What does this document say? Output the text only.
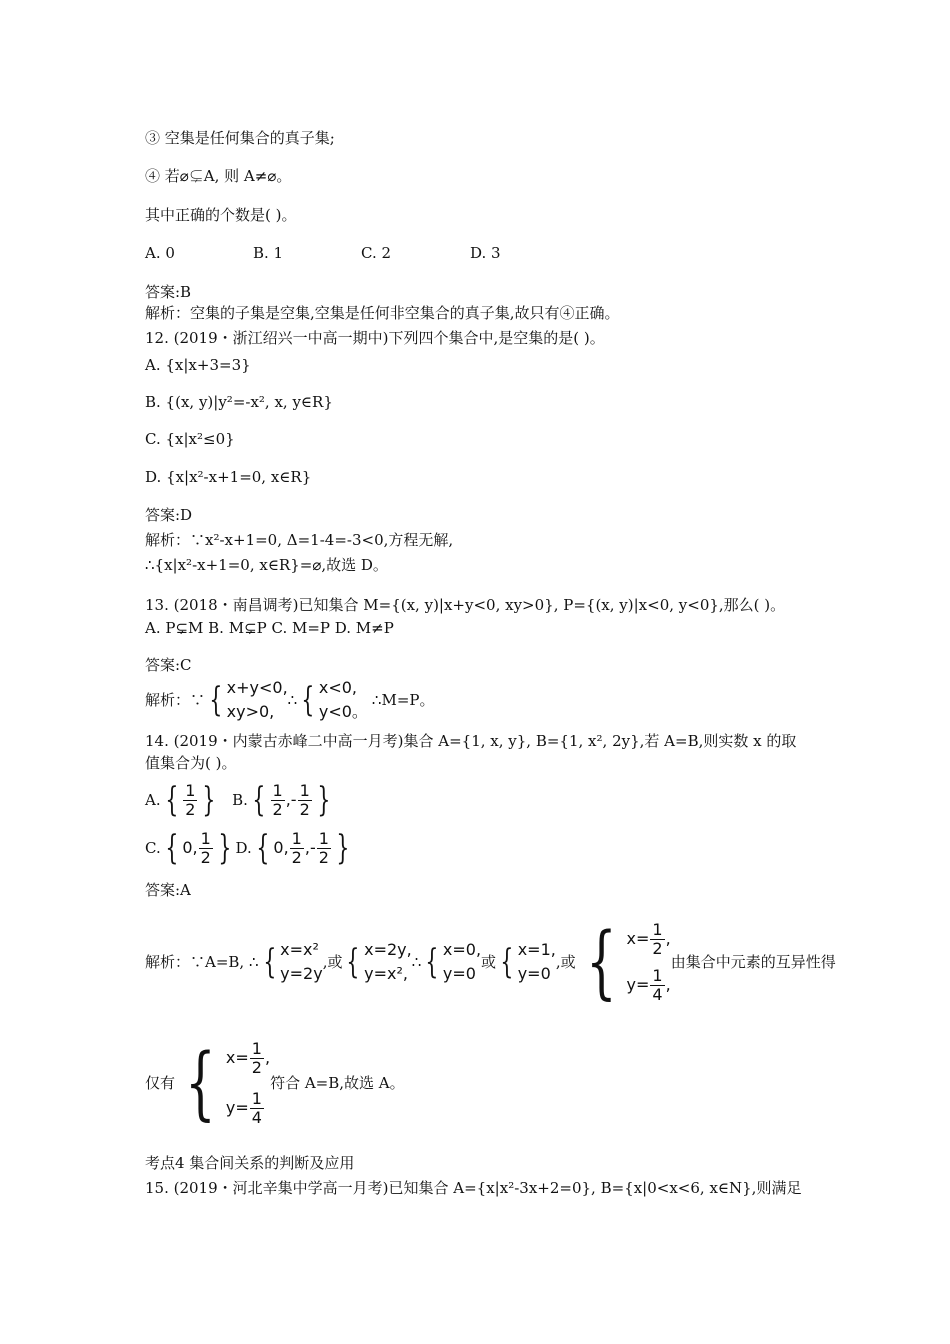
③ 空集是任何集合的真子集;
④ 若⌀⊊A, 则 A≠⌀。
其中正确的个数是( )。
A. 0	B. 1	C. 2	D. 3
答案:B
解析：空集的子集是空集,空集是任何非空集合的真子集,故只有④正确。
12. (2019・浙江绍兴一中高一期中)下列四个集合中,是空集的是( )。
A. {x|x+3=3}
B. {(x, y)|y²=-x², x, y∈R}
C. {x|x²≤0}
D. {x|x²-x+1=0, x∈R}
答案:D
解析：∵x²-x+1=0, Δ=1-4=-3<0,方程无解,
∴{x|x²-x+1=0, x∈R}=⌀,故选 D。
13. (2018・南昌调考)已知集合 M={(x, y)|x+y<0, xy>0}, P={(x, y)|x<0, y<0},那么( )。
A. P⊊M B. M⊊P C. M=P D. M≠P
答案:C
解析：∵ { x+y<0,
xy>0,
∴ { x<0,
y<0。
∴M=P。
14. (2019・内蒙古赤峰二中高一月考)集合 A={1, x, y}, B={1, x², 2y},若 A=B,则实数 x 的取
值集合为( )。
A. { $\frac{1}{2}$ } B. { $\frac{1}{2}$ , - $\frac{1}{2}$ }
C. { 0 , $\frac{1}{2}$ } D. { 0 , $\frac{1}{2}$ , - $\frac{1}{2}$ }
答案:A
解析：∵A=B, ∴ { x=x²
y=2y
,或 { x=2y,
y=x²,
∴ { x=0,
y=0
或 { x=1,
y=0
,或 { $x= \frac{1}{2}$ ,
$y= \frac{1}{4}$ ,
由集合中元素的互异性得
仅有 { $x= \frac{1}{2}$ ,
$y= \frac{1}{4}$
符合 A=B,故选 A。
考点4 集合间关系的判断及应用
15. (2019・河北辛集中学高一月考)已知集合 A={x|x²-3x+2=0}, B={x|0<x<6, x∈N},则满足
